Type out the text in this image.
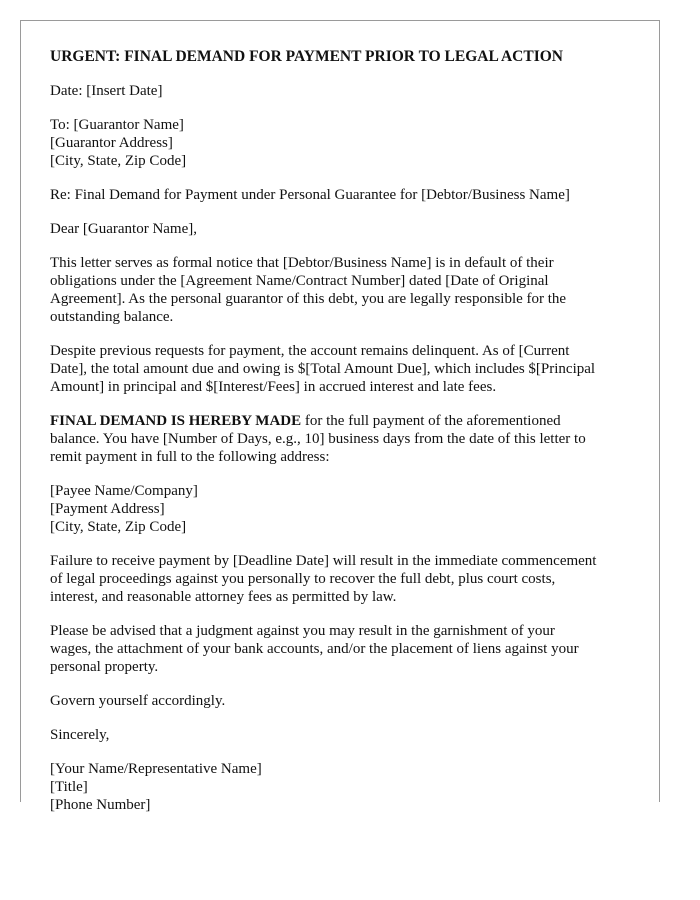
URGENT: FINAL DEMAND FOR PAYMENT PRIOR TO LEGAL ACTION
Date: [Insert Date]
To: [Guarantor Name]
[Guarantor Address]
[City, State, Zip Code]
Re: Final Demand for Payment under Personal Guarantee for [Debtor/Business Name]
Dear [Guarantor Name],
This letter serves as formal notice that [Debtor/Business Name] is in default of their
obligations under the [Agreement Name/Contract Number] dated [Date of Original
Agreement]. As the personal guarantor of this debt, you are legally responsible for the
outstanding balance.
Despite previous requests for payment, the account remains delinquent. As of [Current
Date], the total amount due and owing is $[Total Amount Due], which includes $[Principal
Amount] in principal and $[Interest/Fees] in accrued interest and late fees.
FINAL DEMAND IS HEREBY MADE for the full payment of the aforementioned
balance. You have [Number of Days, e.g., 10] business days from the date of this letter to
remit payment in full to the following address:
[Payee Name/Company]
[Payment Address]
[City, State, Zip Code]
Failure to receive payment by [Deadline Date] will result in the immediate commencement
of legal proceedings against you personally to recover the full debt, plus court costs,
interest, and reasonable attorney fees as permitted by law.
Please be advised that a judgment against you may result in the garnishment of your
wages, the attachment of your bank accounts, and/or the placement of liens against your
personal property.
Govern yourself accordingly.
Sincerely,
[Your Name/Representative Name]
[Title]
[Phone Number]
